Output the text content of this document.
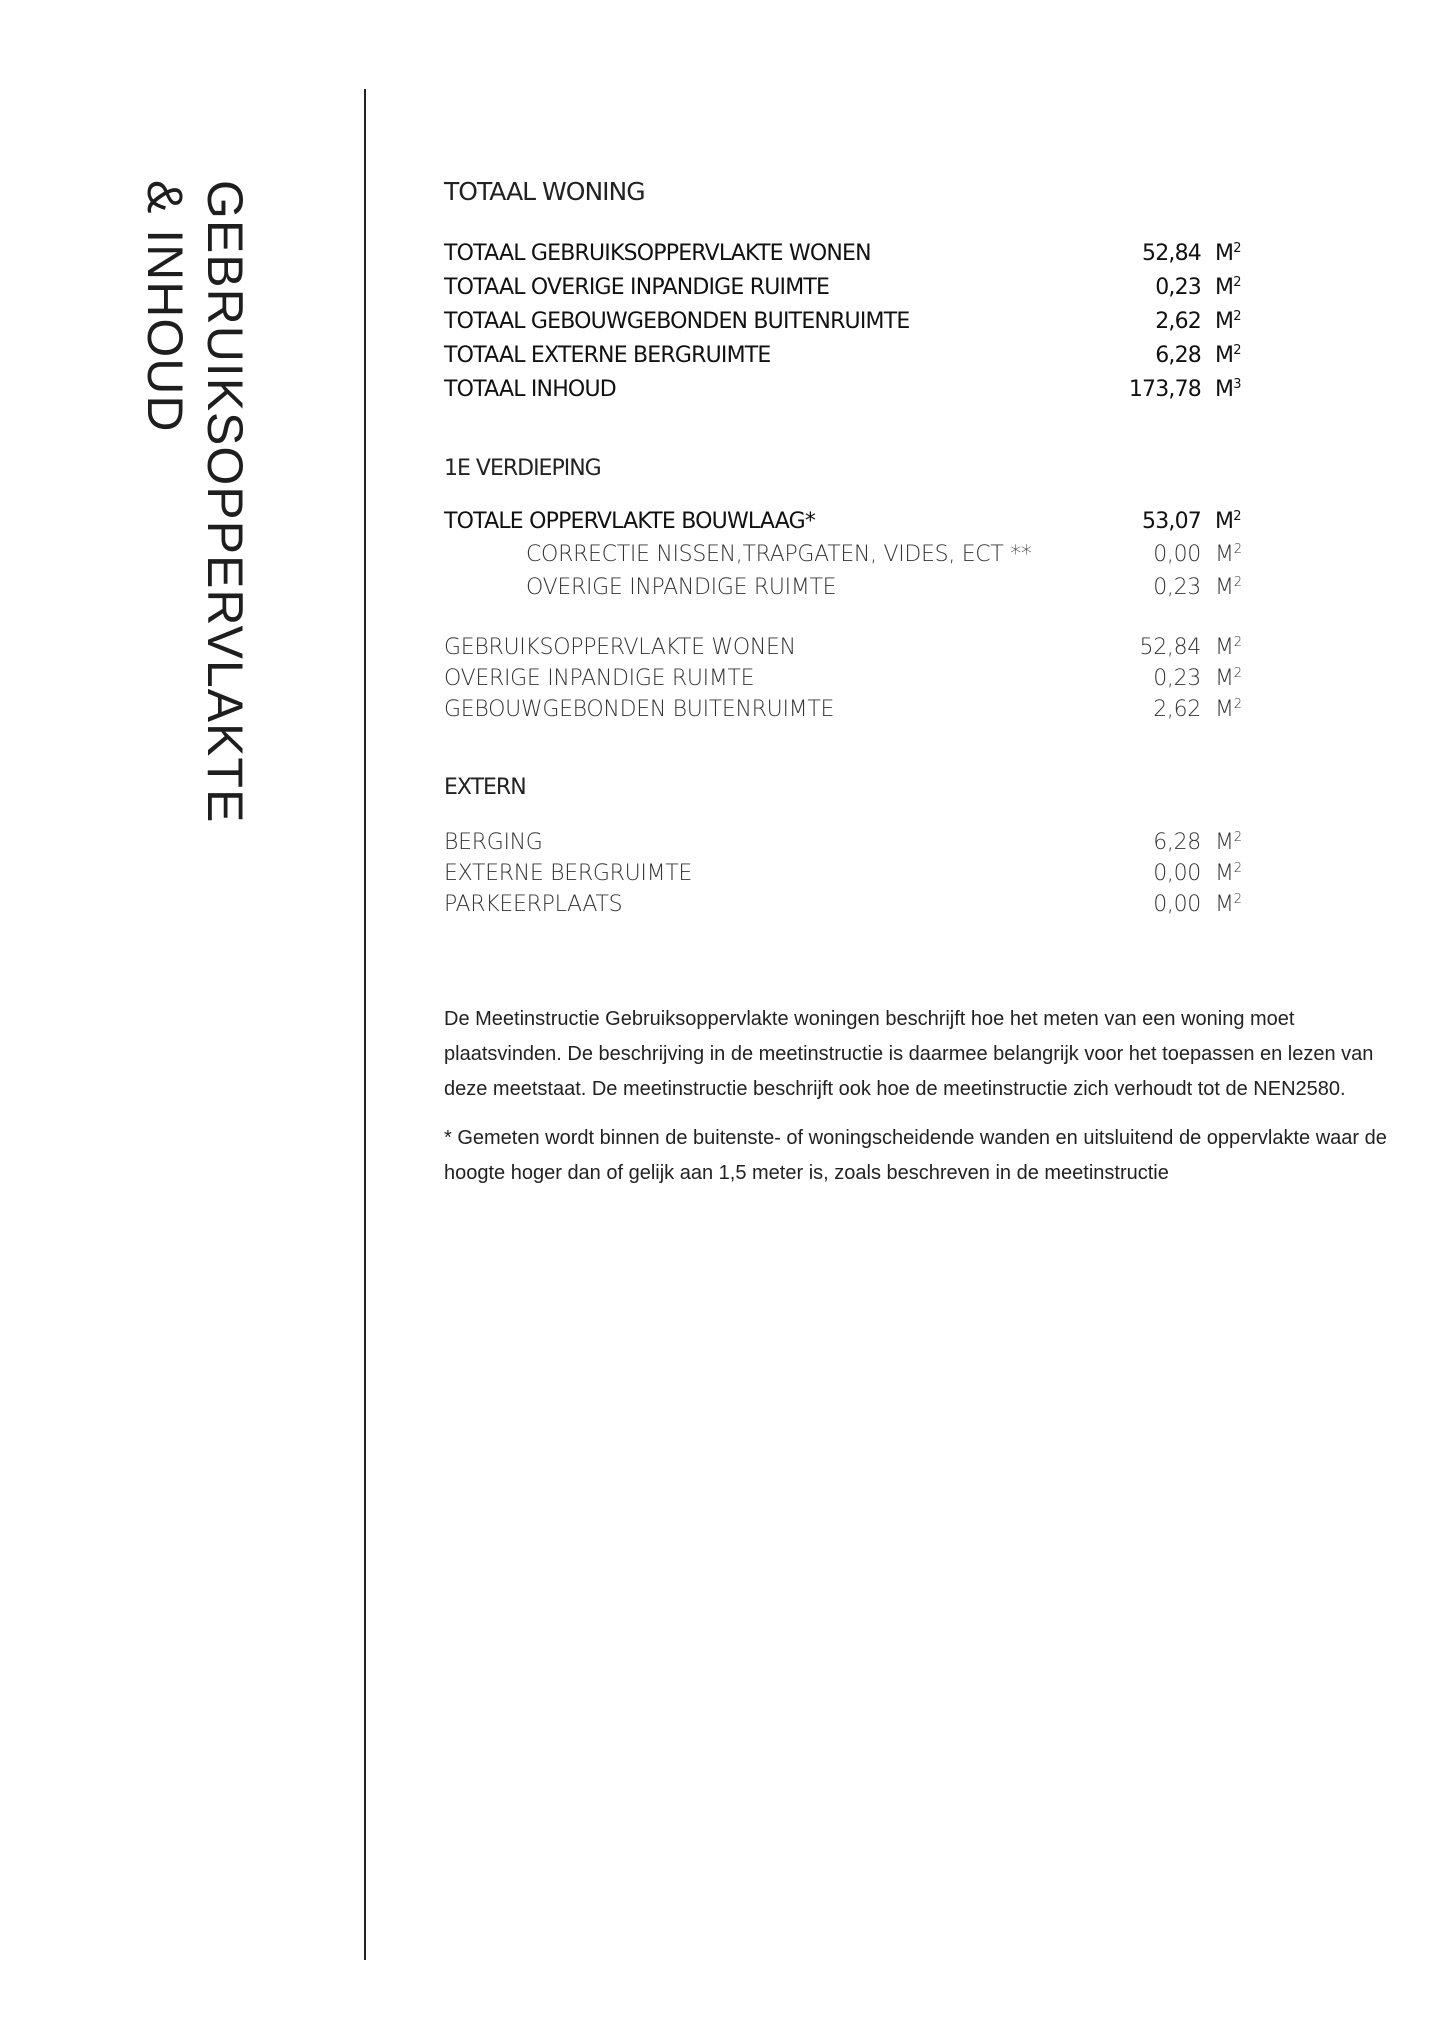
GEBRUIKSOPPERVLAKTE
& INHOUD	TOTAAL WONING
TOTAAL GEBRUIKSOPPERVLAKTE WONEN	52,84 $M^2$
TOTAAL OVERIGE INPANDIGE RUIMTE	0,23 $M^2$
TOTAAL GEBOUWGEBONDEN BUITENRUIMTE	2,62 $M^2$
TOTAAL EXTERNE BERGRUIMTE	6,28 $M^2$
TOTAAL INHOUD	173,78 $M^3$
1E VERDIEPING
TOTALE OPPERVLAKTE BOUWLAAG*	53,07 $M^2$
CORRECTIE NISSEN,TRAPGATEN, VIDES, ECT **	0,00 $M^2$
OVERIGE INPANDIGE RUIMTE	0,23 $M^2$
GEBRUIKSOPPERVLAKTE WONEN	52,84 $M^2$
OVERIGE INPANDIGE RUIMTE	0,23 $M^2$
GEBOUWGEBONDEN BUITENRUIMTE	2,62 $M^2$
EXTERN
BERGING	6,28 $M^2$
EXTERNE BERGRUIMTE	0,00 $M^2$
PARKEERPLAATS	0,00 $M^2$

De Meetinstructie Gebruiksoppervlakte woningen beschrijft hoe het meten van een woning moet plaatsvinden. De beschrijving in de meetinstructie is daarmee belangrijk voor het toepassen en lezen van deze meetstaat. De meetinstructie beschrijft ook hoe de meetinstructie zich verhoudt tot de NEN2580.

* Gemeten wordt binnen de buitenste- of woningscheidende wanden en uitsluitend de oppervlakte waar de hoogte hoger dan of gelijk aan 1,5 meter is, zoals beschreven in de meetinstructie
